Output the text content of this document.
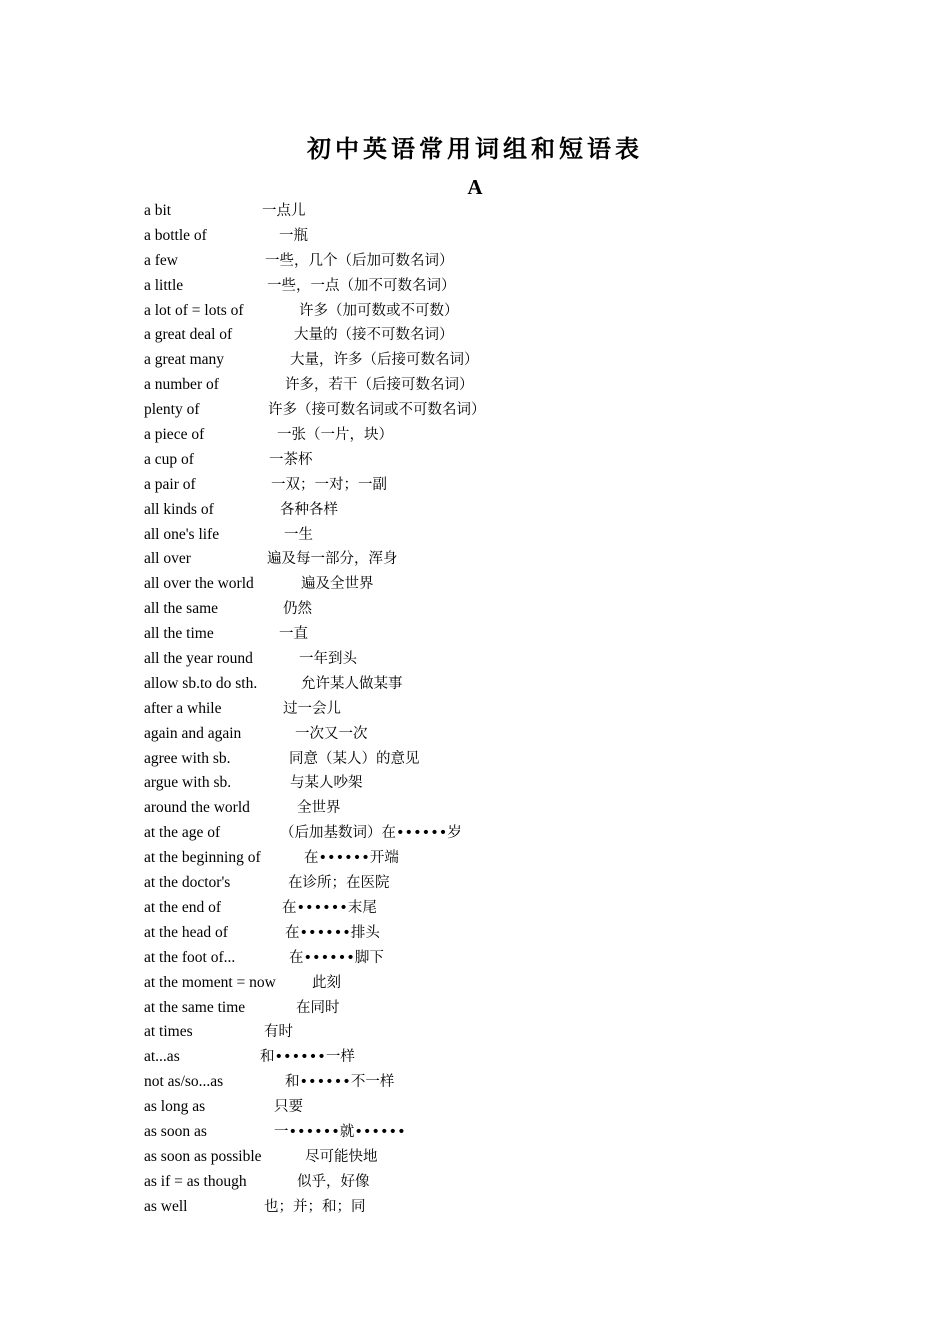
初中英语常用词组和短语表
A
a bit	一点儿
a bottle of	一瓶
a few	一些，几个（后加可数名词）
a little	一些，一点（加不可数名词）
a lot of = lots of	许多（加可数或不可数）
a great deal of	大量的（接不可数名词）
a great many	大量，许多（后接可数名词）
a number of	许多，若干（后接可数名词）
plenty of	许多（接可数名词或不可数名词）
a piece of	一张（一片，块）
a cup of	一茶杯
a pair of	一双；一对；一副
all kinds of	各种各样
all one's life	一生
all over	遍及每一部分，浑身
all over the world	遍及全世界
all the same	仍然
all the time	一直
all the year round	一年到头
allow sb.to do sth.	允许某人做某事
after a while	过一会儿
again and again	一次又一次
agree with sb.	同意（某人）的意见
argue with sb.	与某人吵架
around the world	全世界
at the age of	（后加基数词）在••••••岁
at the beginning of	在••••••开端
at the doctor's	在诊所；在医院
at the end of	在••••••末尾
at the head of	在••••••排头
at the foot of...	在••••••脚下
at the moment = now 此刻
at the same time	在同时
at times	有时
at...as	和••••••一样
not as/so...as	和••••••不一样
as long as	只要
as soon as	一••••••就••••••
as soon as possible	尽可能快地
as if = as though	似乎，好像
as well	也；并；和；同
